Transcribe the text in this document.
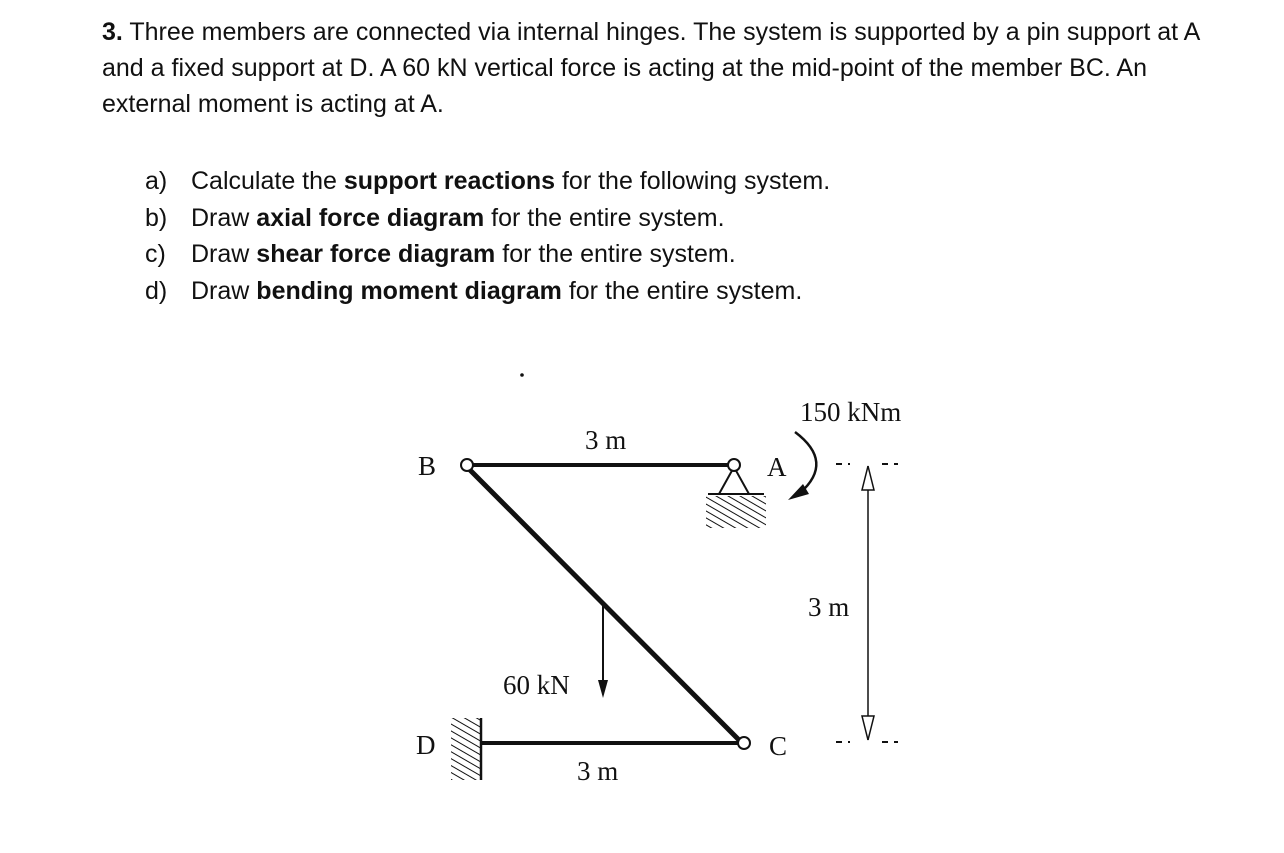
3. Three members are connected via internal hinges. The system is supported by a pin support at A and a fixed support at D. A 60 kN vertical force is acting at the mid-point of the member BC. An external moment is acting at A.

a) Calculate the support reactions for the following system.
b) Draw axial force diagram for the entire system.
c) Draw shear force diagram for the entire system.
d) Draw bending moment diagram for the entire system.
B	A
C
D
3 m
3 m
3 m
150 kNm
60 kN
